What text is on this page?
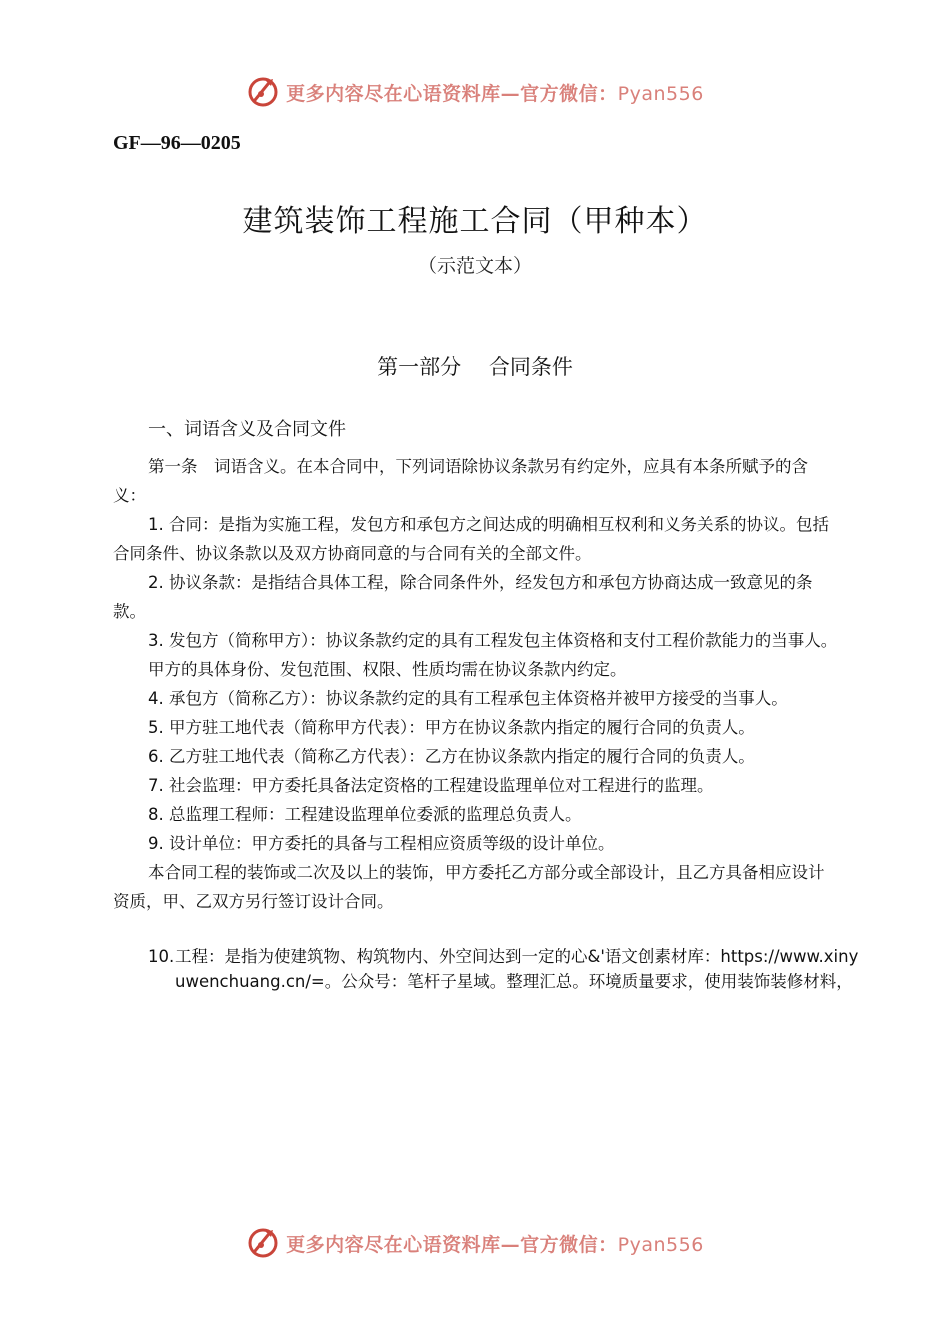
更多内容尽在心语资料库—官方微信：Pyan556
GF—96—0205
建筑装饰工程施工合同（甲种本）
（示范文本）
第一部分　 合同条件
一、词语含义及合同文件

第一条　词语含义。在本合同中，下列词语除协议条款另有约定外，应具有本条所赋予的含义：

1. 合同：是指为实施工程，发包方和承包方之间达成的明确相互权利和义务关系的协议。包括合同条件、协议条款以及双方协商同意的与合同有关的全部文件。

2. 协议条款：是指结合具体工程，除合同条件外，经发包方和承包方协商达成一致意见的条款。

3. 发包方（简称甲方）：协议条款约定的具有工程发包主体资格和支付工程价款能力的当事人。

甲方的具体身份、发包范围、权限、性质均需在协议条款内约定。

4. 承包方（简称乙方）：协议条款约定的具有工程承包主体资格并被甲方接受的当事人。

5. 甲方驻工地代表（简称甲方代表）：甲方在协议条款内指定的履行合同的负责人。

6. 乙方驻工地代表（简称乙方代表）：乙方在协议条款内指定的履行合同的负责人。

7. 社会监理：甲方委托具备法定资格的工程建设监理单位对工程进行的监理。

8. 总监理工程师：工程建设监理单位委派的监理总负责人。

9. 设计单位：甲方委托的具备与工程相应资质等级的设计单位。

本合同工程的装饰或二次及以上的装饰，甲方委托乙方部分或全部设计，且乙方具备相应设计资质，甲、乙双方另行签订设计合同。

10. 工程：是指为使建筑物、构筑物内、外空间达到一定的心&'语文创素材库：https://www.xinyuwenchuang.cn/=。公众号：笔杆子星域。整理汇总。环境质量要求，使用装饰装修材料，
更多内容尽在心语资料库—官方微信：Pyan556
